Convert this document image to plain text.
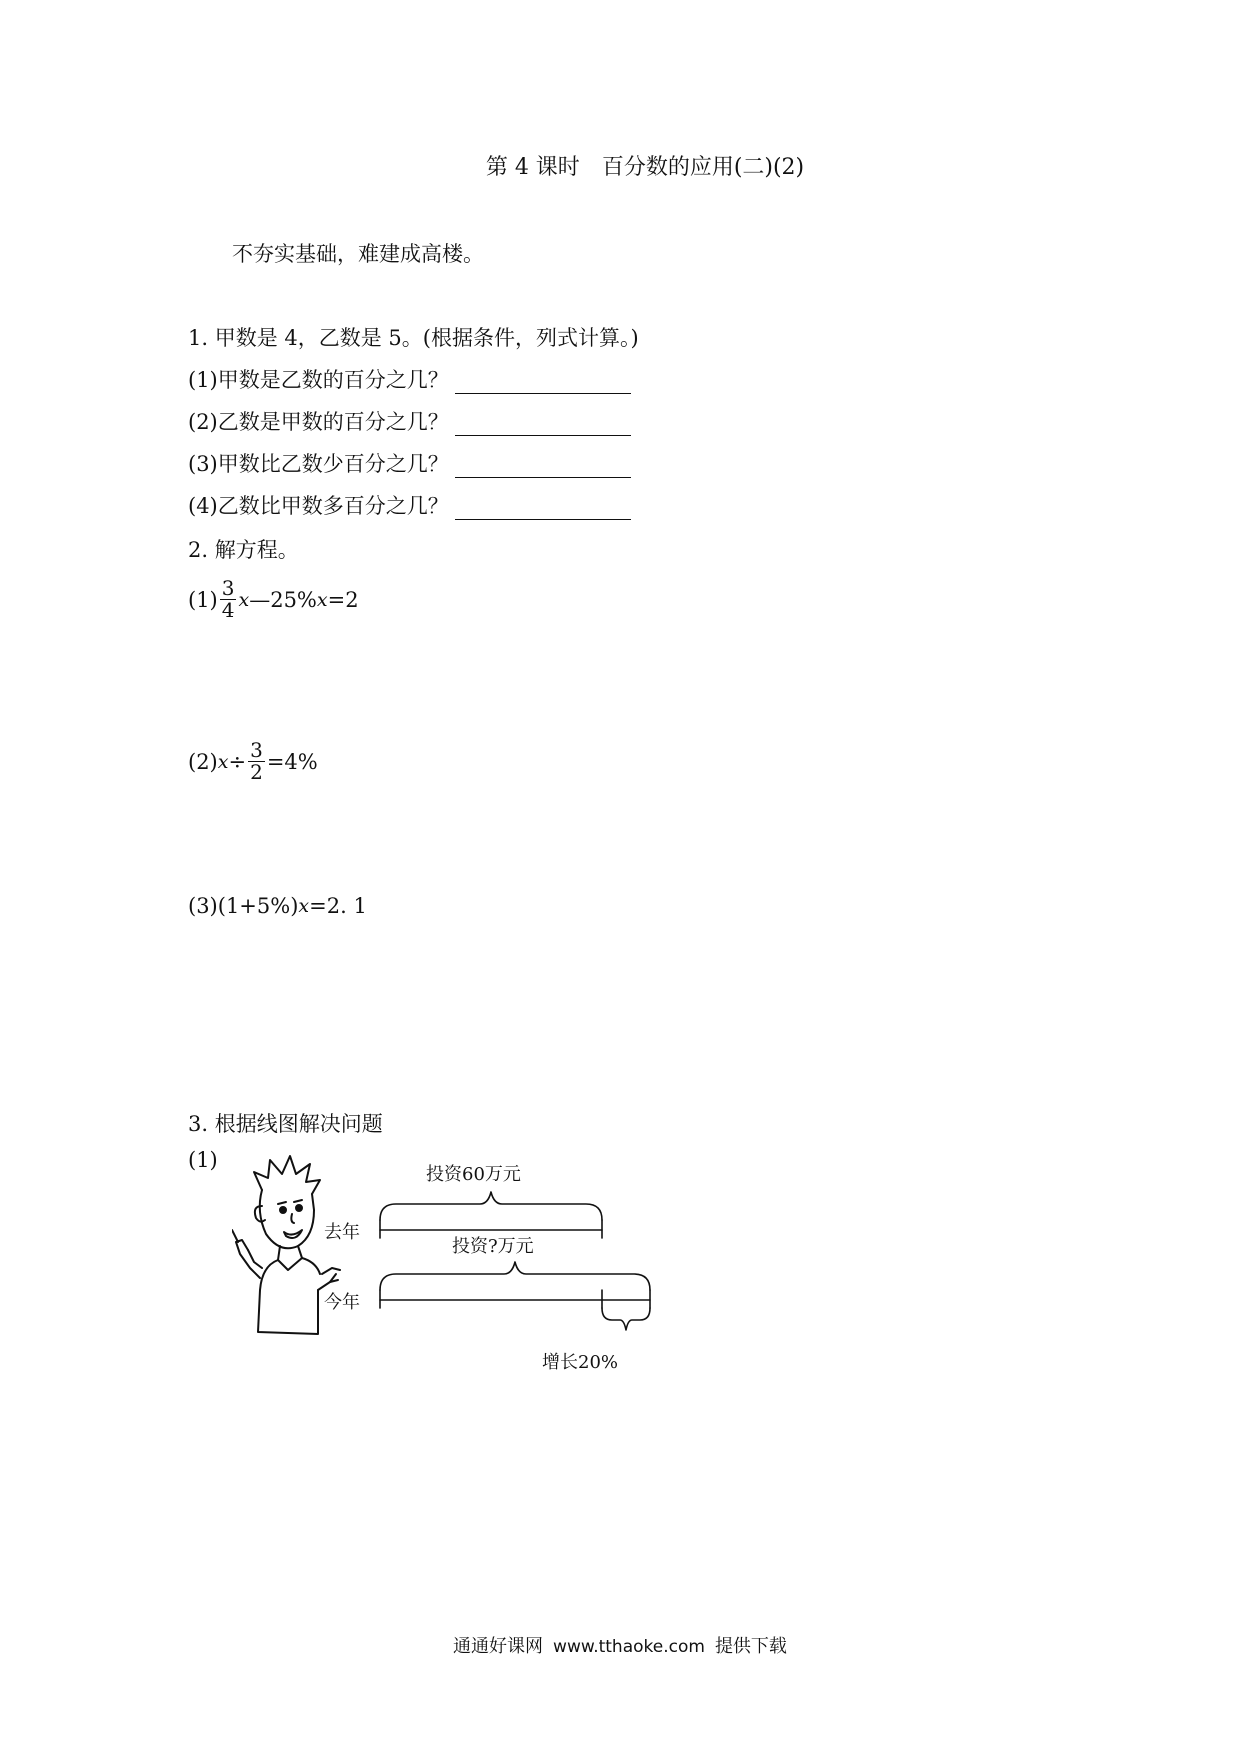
第 4 课时 百分数的应用(二)(2)
不夯实基础，难建成高楼。
1. 甲数是 4，乙数是 5。(根据条件，列式计算。)
(1)甲数是乙数的百分之几？
(2)乙数是甲数的百分之几？
(3)甲数比乙数少百分之几？
(4)乙数比甲数多百分之几？
2. 解方程。
$(1) \frac{3}{4}$ x —25% x =2
(2) $x \div \frac{3}{2} =4\%$
(3) (1+5%) x =2. 1
3. 根据线图解决问题
(1)
去年
投资60万元
今年
投资?万元
增长20%
通通好课网 www.tthaoke.com 提供下载
